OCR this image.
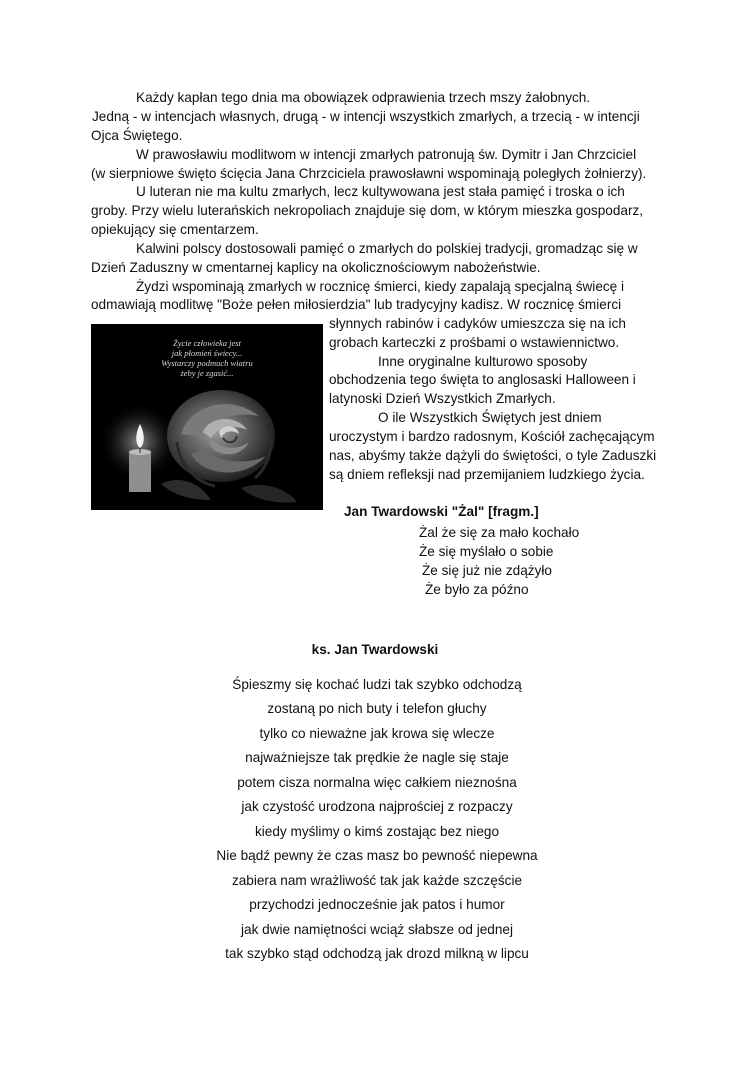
Każdy kapłan tego dnia ma obowiązek odprawienia trzech mszy żałobnych.
Jedną - w intencjach własnych, drugą - w intencji wszystkich zmarłych, a trzecią - w intencji
Ojca Świętego.
W prawosławiu modlitwom w intencji zmarłych patronują św. Dymitr i Jan Chrzciciel
(w sierpniowe święto ścięcia Jana Chrzciciela prawosławni wspominają poległych żołnierzy).
U luteran nie ma kultu zmarłych, lecz kultywowana jest stała pamięć i troska o ich
groby. Przy wielu luterańskich nekropoliach znajduje się dom, w którym mieszka gospodarz,
opiekujący się cmentarzem.
Kalwini polscy dostosowali pamięć o zmarłych do polskiej tradycji, gromadząc się w
Dzień Zaduszny w cmentarnej kaplicy na okolicznościowym nabożeństwie.
Żydzi wspominają zmarłych w rocznicę śmierci, kiedy zapalają specjalną świecę i
odmawiają modlitwę "Boże pełen miłosierdzia" lub tradycyjny kadisz. W rocznicę śmierci
Życie człowieka jest
jak płomień świecy...
Wystarczy podmuch wiatru
żeby je zgasić...
słynnych rabinów i cadyków umieszcza się na ich
grobach karteczki z prośbami o wstawiennictwo.
Inne oryginalne kulturowo sposoby
obchodzenia tego święta to anglosaski Halloween i
latynoski Dzień Wszystkich Zmarłych.
O ile Wszystkich Świętych jest dniem
uroczystym i bardzo radosnym, Kościół zachęcającym
nas, abyśmy także dążyli do świętości, o tyle Zaduszki
są dniem refleksji nad przemijaniem ludzkiego życia.
Jan Twardowski "Żal" [fragm.]
Żal że się za mało kochało
Że się myślało o sobie
Że się już nie zdążyło
Że było za późno
ks. Jan Twardowski
Śpieszmy się kochać ludzi tak szybko odchodzą
zostaną po nich buty i telefon głuchy
tylko co nieważne jak krowa się wlecze
najważniejsze tak prędkie że nagle się staje
potem cisza normalna więc całkiem nieznośna
jak czystość urodzona najprościej z rozpaczy
kiedy myślimy o kimś zostając bez niego
Nie bądź pewny że czas masz bo pewność niepewna
zabiera nam wrażliwość tak jak każde szczęście
przychodzi jednocześnie jak patos i humor
jak dwie namiętności wciąż słabsze od jednej
tak szybko stąd odchodzą jak drozd milkną w lipcu
